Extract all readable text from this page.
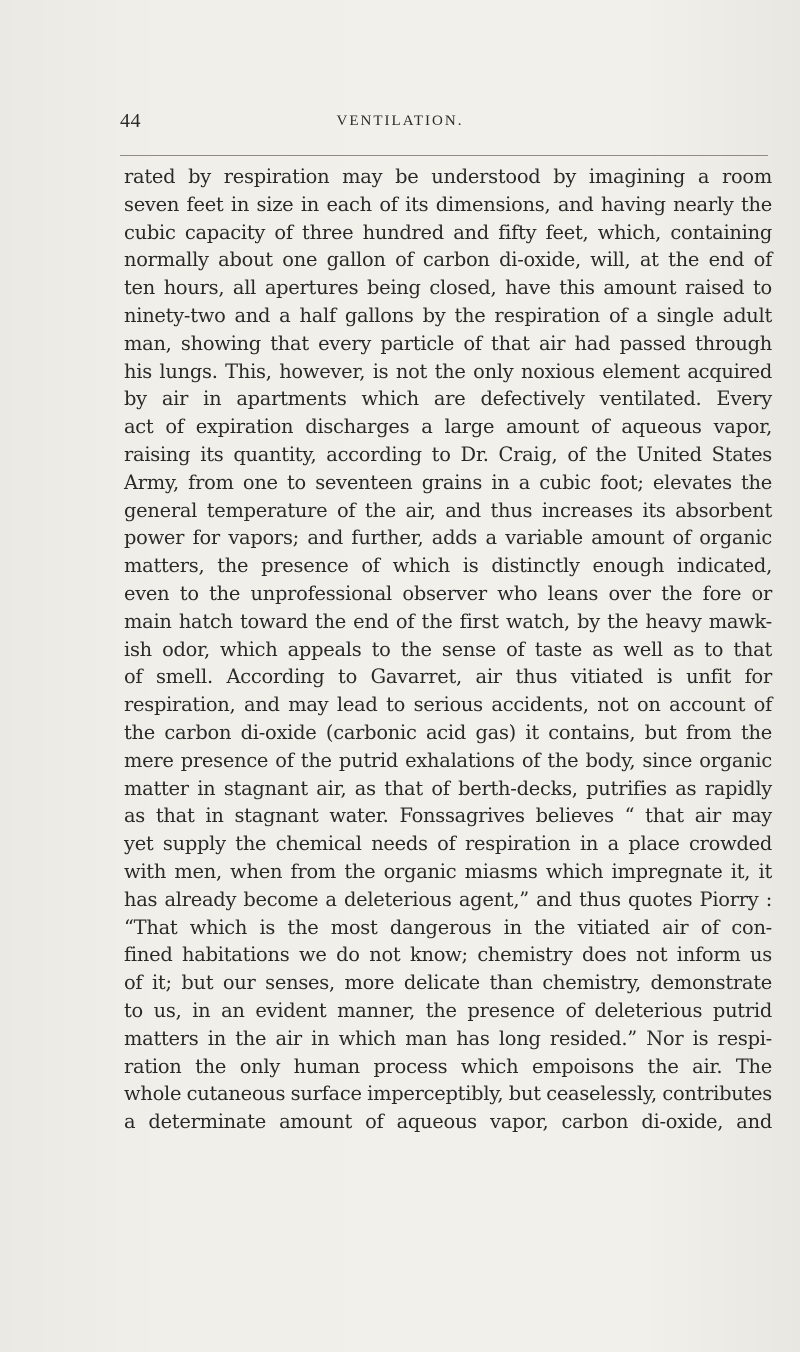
44	VENTILATION.
rated by respiration may be understood by imagining a room
seven feet in size in each of its dimensions, and having nearly the
cubic capacity of three hundred and fifty feet, which, containing
normally about one gallon of carbon di-oxide, will, at the end of
ten hours, all apertures being closed, have this amount raised to
ninety-two and a half gallons by the respiration of a single adult
man, showing that every particle of that air had passed through
his lungs. This, however, is not the only noxious element acquired
by air in apartments which are defectively ventilated. Every
act of expiration discharges a large amount of aqueous vapor,
raising its quantity, according to Dr. Craig, of the United States
Army, from one to seventeen grains in a cubic foot; elevates the
general temperature of the air, and thus increases its absorbent
power for vapors; and further, adds a variable amount of organic
matters, the presence of which is distinctly enough indicated,
even to the unprofessional observer who leans over the fore or
main hatch toward the end of the first watch, by the heavy mawk-
ish odor, which appeals to the sense of taste as well as to that
of smell. According to Gavarret, air thus vitiated is unfit for
respiration, and may lead to serious accidents, not on account of
the carbon di-oxide (carbonic acid gas) it contains, but from the
mere presence of the putrid exhalations of the body, since organic
matter in stagnant air, as that of berth-decks, putrifies as rapidly
as that in stagnant water. Fonssagrives believes “ that air may
yet supply the chemical needs of respiration in a place crowded
with men, when from the organic miasms which impregnate it, it
has already become a deleterious agent,” and thus quotes Piorry :
“That which is the most dangerous in the vitiated air of con-
fined habitations we do not know; chemistry does not inform us
of it; but our senses, more delicate than chemistry, demonstrate
to us, in an evident manner, the presence of deleterious putrid
matters in the air in which man has long resided.” Nor is respi-
ration the only human process which empoisons the air. The
whole cutaneous surface imperceptibly, but ceaselessly, contributes
a determinate amount of aqueous vapor, carbon di-oxide, and
